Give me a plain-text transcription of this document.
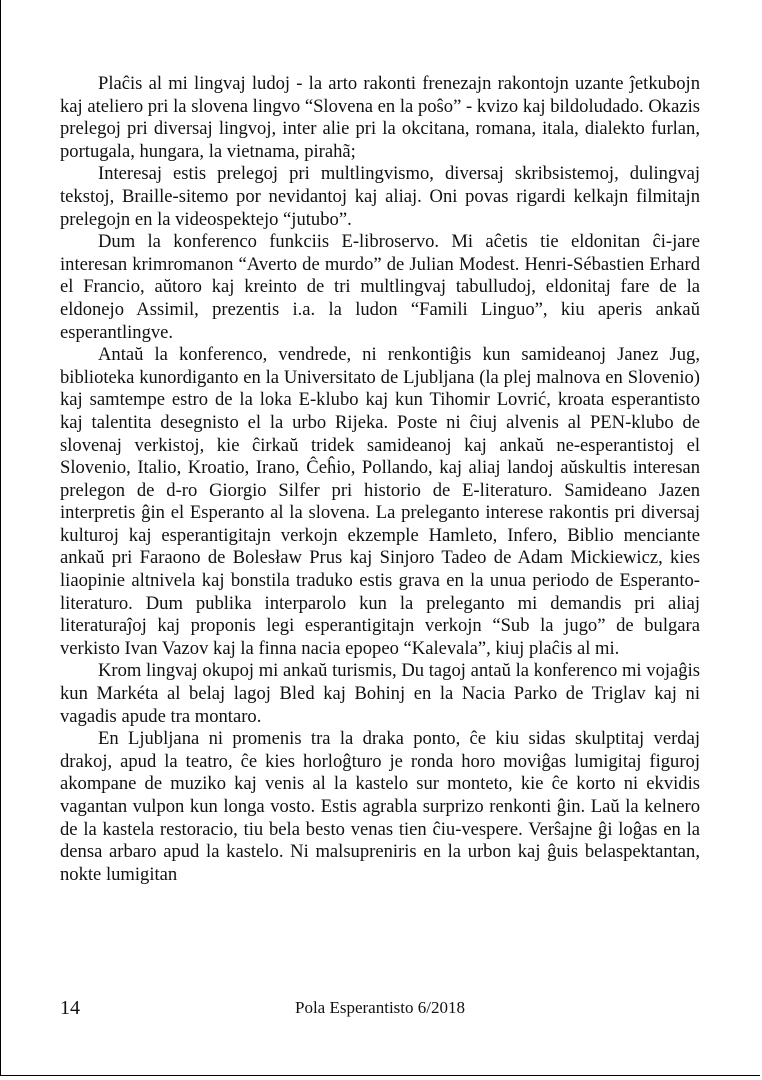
Plaĉis al mi lingvaj ludoj - la arto rakonti frenezajn rakontojn uzante ĵetkubojn kaj ateliero pri la slovena lingvo “Slovena en la poŝo” - kvizo kaj bildoludado. Okazis prelegoj pri diversaj lingvoj, inter alie pri la okcitana, romana, itala, dialekto furlan, portugala, hungara, la vietnama, pirahã;

Interesaj estis prelegoj pri multlingvismo, diversaj skribsistemoj, dulingvaj tekstoj, Braille-sitemo por nevidantoj kaj aliaj. Oni povas rigardi kelkajn filmitajn prelegojn en la videospektejo “jutubo”.

Dum la konferenco funkciis E-libroservo. Mi aĉetis tie eldonitan ĉi-jare interesan krimromanon “Averto de murdo” de Julian Modest. Henri-Sébastien Erhard el Francio, aŭtoro kaj kreinto de tri multlingvaj tabulludoj, eldonitaj fare de la eldonejo Assimil, prezentis i.a. la ludon “Famili Linguo”, kiu aperis ankaŭ esperantlingve.

Antaŭ la konferenco, vendrede, ni renkontiĝis kun samideanoj Janez Jug, biblioteka kunordiganto en la Universitato de Ljubljana (la plej malnova en Slovenio) kaj samtempe estro de la loka E-klubo kaj kun Tihomir Lovrić, kroata esperantisto kaj talentita desegnisto el la urbo Rijeka. Poste ni ĉiuj alvenis al PEN-klubo de slovenaj verkistoj, kie ĉirkaŭ tridek samideanoj kaj ankaŭ ne-esperantistoj el Slovenio, Italio, Kroatio, Irano, Ĉeĥio, Pollando, kaj aliaj landoj aŭskultis interesan prelegon de d-ro Giorgio Silfer pri historio de E-literaturo. Samideano Jazen interpretis ĝin el Esperanto al la slovena. La preleganto interese rakontis pri diversaj kulturoj kaj esperantigitajn verkojn ekzemple Hamleto, Infero, Biblio menciante ankaŭ pri Faraono de Bolesław Prus kaj Sinjoro Tadeo de Adam Mickiewicz, kies liaopinie altnivela kaj bonstila traduko estis grava en la unua periodo de Esperanto-literaturo. Dum publika interparolo kun la preleganto mi demandis pri aliaj literaturaĵoj kaj proponis legi esperantigitajn verkojn “Sub la jugo” de bulgara verkisto Ivan Vazov kaj la finna nacia epopeo “Kalevala”, kiuj plaĉis al mi.

Krom lingvaj okupoj mi ankaŭ turismis, Du tagoj antaŭ la konferenco mi vojaĝis kun Markéta al belaj lagoj Bled kaj Bohinj en la Nacia Parko de Triglav kaj ni vagadis apude tra montaro.

En Ljubljana ni promenis tra la draka ponto, ĉe kiu sidas skulptitaj verdaj drakoj, apud la teatro, ĉe kies horloĝturo je ronda horo moviĝas lumigitaj figuroj akompane de muziko kaj venis al la kastelo sur monteto, kie ĉe korto ni ekvidis vagantan vulpon kun longa vosto. Estis agrabla surprizo renkonti ĝin. Laŭ la kelnero de la kastela restoracio, tiu bela besto venas tien ĉiu-vespere. Verŝajne ĝi loĝas en la densa arbaro apud la kastelo. Ni malsupreniris en la urbon kaj ĝuis belaspektantan, nokte lumigitan

14	Pola Esperantisto 6/2018
